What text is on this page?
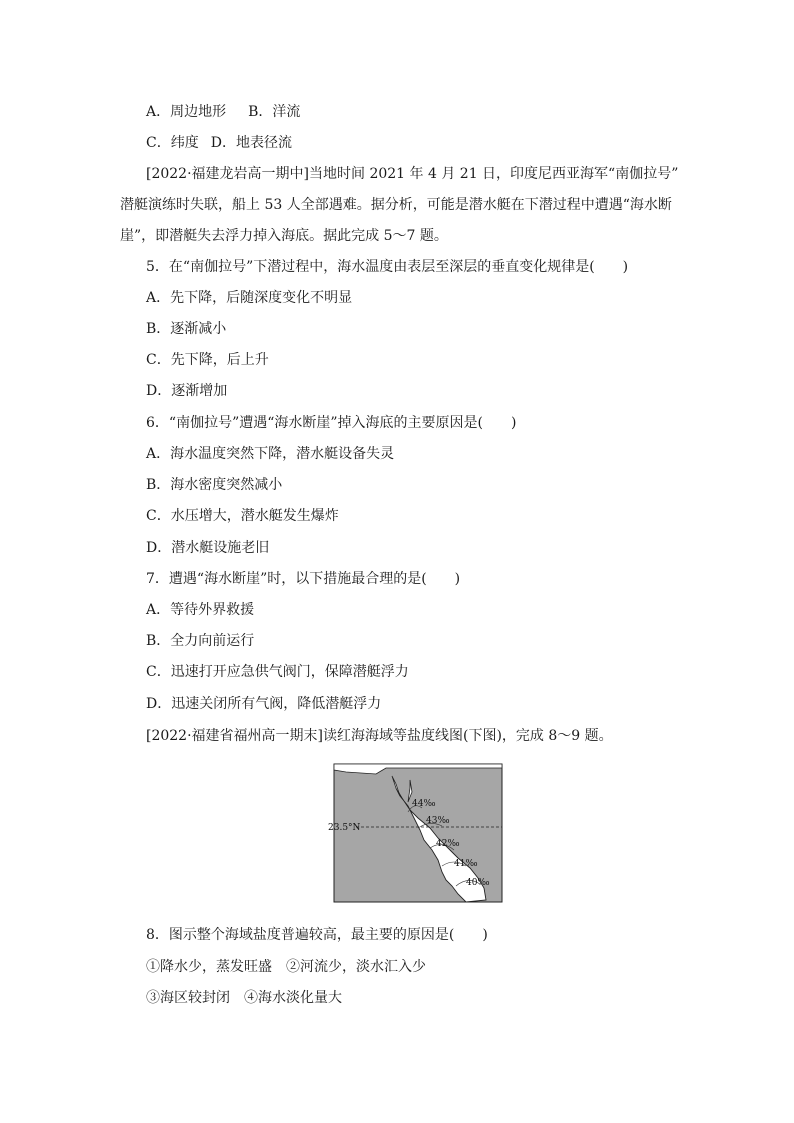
A．周边地形 B．洋流
C．纬度 D．地表径流
[2022·福建龙岩高一期中]当地时间 2021 年 4 月 21 日，印度尼西亚海军“南伽拉号”
潜艇演练时失联，船上 53 人全部遇难。据分析，可能是潜水艇在下潜过程中遭遇“海水断
崖”，即潜艇失去浮力掉入海底。据此完成 5～7 题。
5．在“南伽拉号”下潜过程中，海水温度由表层至深层的垂直变化规律是(　　)
A．先下降，后随深度变化不明显
B．逐渐减小
C．先下降，后上升
D．逐渐增加
6．“南伽拉号”遭遇“海水断崖”掉入海底的主要原因是(　　)
A．海水温度突然下降，潜水艇设备失灵
B．海水密度突然减小
C．水压增大，潜水艇发生爆炸
D．潜水艇设施老旧
7．遭遇“海水断崖”时，以下措施最合理的是(　　)
A．等待外界救援
B．全力向前运行
C．迅速打开应急供气阀门，保障潜艇浮力
D．迅速关闭所有气阀，降低潜艇浮力
[2022·福建省福州高一期末]读红海海域等盐度线图(下图)，完成 8～9 题。
23.5°N
44‰
43‰
42‰
41‰
40‰
8．图示整个海域盐度普遍较高，最主要的原因是(　　)
①降水少，蒸发旺盛　②河流少，淡水汇入少
③海区较封闭　④海水淡化量大
